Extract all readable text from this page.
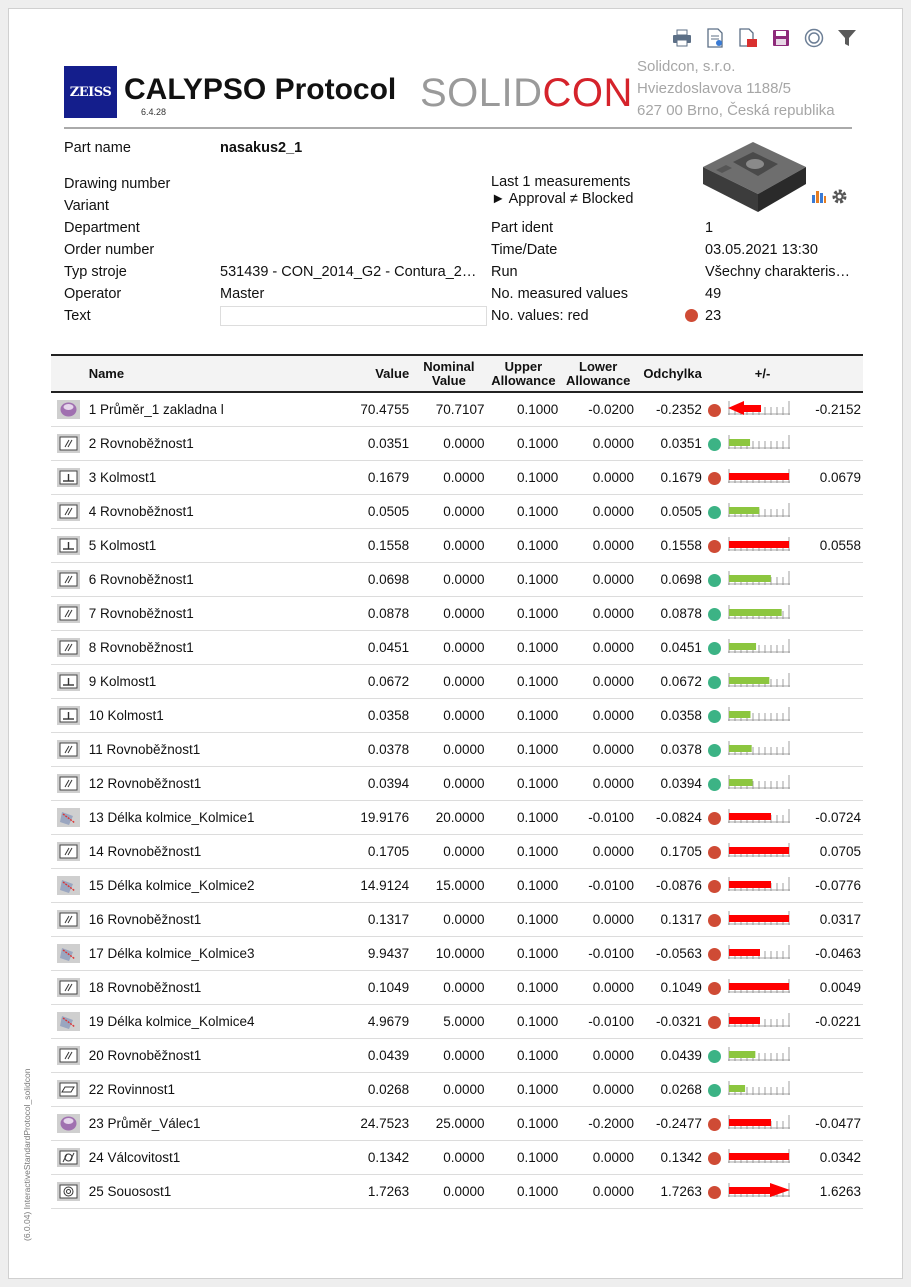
ZEISS CALYPSO Protocol
6.4.28	SOLIDCON
Solidcon, s.r.o.
Hviezdoslavova 1188/5
627 00 Brno, Česká republika
Part name	nasakus2_1
Drawing number
Variant
Department
Order number
Typ stroje	531439 - CON_2014_G2 - Contura_2…
Operator	Master
Text
Last 1 measurements
► Approval ≠ Blocked
Part ident	1
Time/Date	03.05.2021 13:30
Run	Všechny charakteris…
No. measured values	49
No. values: red	23
	Name	Value	Nominal Value	Upper Allowance	Lower Allowance	Odchylka		+/-	

	1 Průměr_1 zakladna l	70.4755	70.7107	0.1000	-0.0200	-0.2352			-0.2152

	2 Rovnoběžnost1	0.0351	0.0000	0.1000	0.0000	0.0351			

	3 Kolmost1	0.1679	0.0000	0.1000	0.0000	0.1679			0.0679

	4 Rovnoběžnost1	0.0505	0.0000	0.1000	0.0000	0.0505			

	5 Kolmost1	0.1558	0.0000	0.1000	0.0000	0.1558			0.0558

	6 Rovnoběžnost1	0.0698	0.0000	0.1000	0.0000	0.0698			

	7 Rovnoběžnost1	0.0878	0.0000	0.1000	0.0000	0.0878			

	8 Rovnoběžnost1	0.0451	0.0000	0.1000	0.0000	0.0451			

	9 Kolmost1	0.0672	0.0000	0.1000	0.0000	0.0672			

	10 Kolmost1	0.0358	0.0000	0.1000	0.0000	0.0358			

	11 Rovnoběžnost1	0.0378	0.0000	0.1000	0.0000	0.0378			

	12 Rovnoběžnost1	0.0394	0.0000	0.1000	0.0000	0.0394			

	13 Délka kolmice_Kolmice1	19.9176	20.0000	0.1000	-0.0100	-0.0824			-0.0724

	14 Rovnoběžnost1	0.1705	0.0000	0.1000	0.0000	0.1705			0.0705

	15 Délka kolmice_Kolmice2	14.9124	15.0000	0.1000	-0.0100	-0.0876			-0.0776

	16 Rovnoběžnost1	0.1317	0.0000	0.1000	0.0000	0.1317			0.0317

	17 Délka kolmice_Kolmice3	9.9437	10.0000	0.1000	-0.0100	-0.0563			-0.0463

	18 Rovnoběžnost1	0.1049	0.0000	0.1000	0.0000	0.1049			0.0049

	19 Délka kolmice_Kolmice4	4.9679	5.0000	0.1000	-0.0100	-0.0321			-0.0221

	20 Rovnoběžnost1	0.0439	0.0000	0.1000	0.0000	0.0439			

	22 Rovinnost1	0.0268	0.0000	0.1000	0.0000	0.0268			

	23 Průměr_Válec1	24.7523	25.0000	0.1000	-0.2000	-0.2477			-0.0477

	24 Válcovitost1	0.1342	0.0000	0.1000	0.0000	0.1342			0.0342

	25 Souosost1	1.7263	0.0000	0.1000	0.0000	1.7263			1.6263
(6.0.04) InteractiveStandardProtocol_solidcon
